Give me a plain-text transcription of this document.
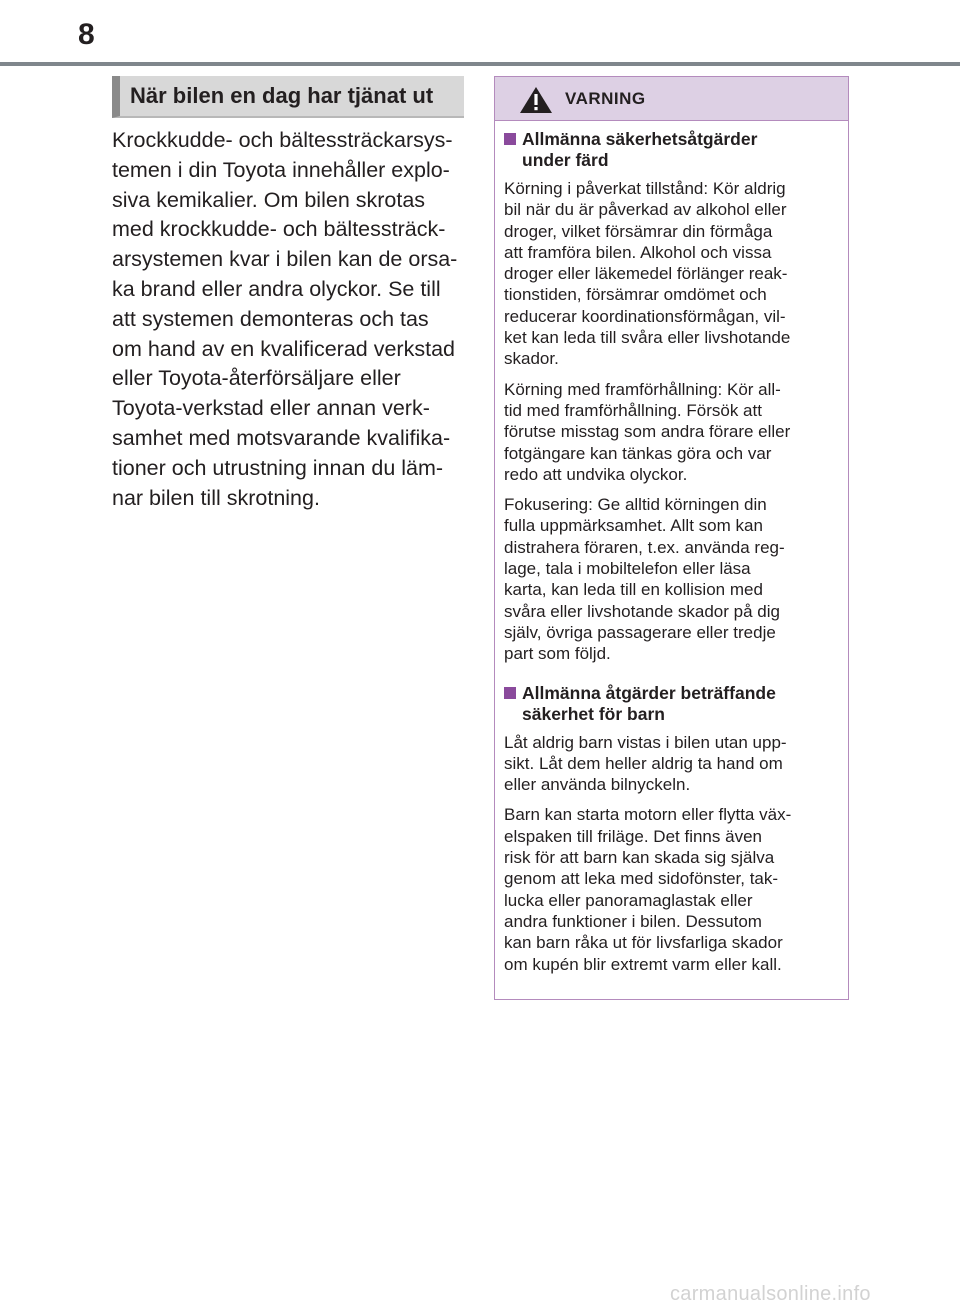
8
När bilen en dag har tjänat ut

Krockkudde- och bältessträckarsys-
temen i din Toyota innehåller explo-
siva kemikalier. Om bilen skrotas
med krockkudde- och bältessträck-
arsystemen kvar i bilen kan de orsa-
ka brand eller andra olyckor. Se till
att systemen demonteras och tas
om hand av en kvalificerad verkstad
eller Toyota-återförsäljare eller
Toyota-verkstad eller annan verk-
samhet med motsvarande kvalifika-
tioner och utrustning innan du läm-
nar bilen till skrotning.

VARNING
Allmänna säkerhetsåtgärder
under färd

Körning i påverkat tillstånd: Kör aldrig
bil när du är påverkad av alkohol eller
droger, vilket försämrar din förmåga
att framföra bilen. Alkohol och vissa
droger eller läkemedel förlänger reak-
tionstiden, försämrar omdömet och
reducerar koordinationsförmågan, vil-
ket kan leda till svåra eller livshotande
skador.

Körning med framförhållning: Kör all-
tid med framförhållning. Försök att
förutse misstag som andra förare eller
fotgängare kan tänkas göra och var
redo att undvika olyckor.

Fokusering: Ge alltid körningen din
fulla uppmärksamhet. Allt som kan
distrahera föraren, t.ex. använda reg-
lage, tala i mobiltelefon eller läsa
karta, kan leda till en kollision med
svåra eller livshotande skador på dig
själv, övriga passagerare eller tredje
part som följd.

Allmänna åtgärder beträffande
säkerhet för barn

Låt aldrig barn vistas i bilen utan upp-
sikt. Låt dem heller aldrig ta hand om
eller använda bilnyckeln.

Barn kan starta motorn eller flytta väx-
elspaken till friläge. Det finns även
risk för att barn kan skada sig själva
genom att leka med sidofönster, tak-
lucka eller panoramaglastak eller
andra funktioner i bilen. Dessutom
kan barn råka ut för livsfarliga skador
om kupén blir extremt varm eller kall.

carmanualsonline.info
